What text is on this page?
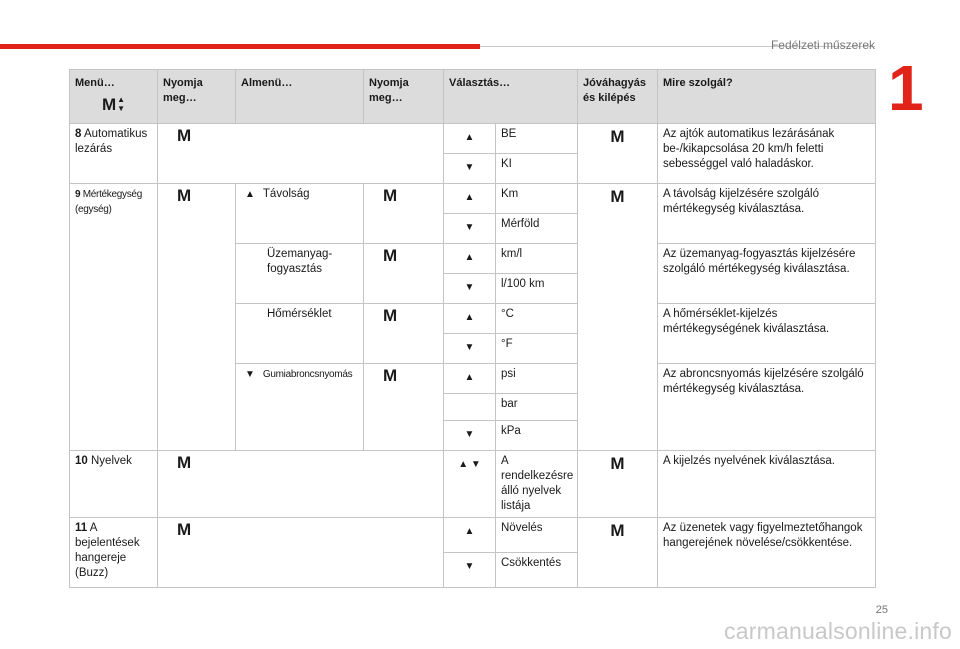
Fedélzeti műszerek
1
Menü…
M ▲
▼	Nyomja meg…	Almenü…	Nyomja meg…	Választás…		Jóváhagyás és kilépés	Mire szolgál?
8 Automatikus lezárás	M			▲	BE	M	Az ajtók automatikus lezárásának be-/kikapcsolása 20 km/h feletti sebességgel való haladáskor.
				▼	KI		
9 Mértékegység (egység)	M	▲ Távolság	M	▲	Km	M	A távolság kijelzésére szolgáló mértékegység kiválasztása.
				▼	Mérföld		

		Üzemanyag-fogyasztás	M	▲	km/l		Az üzemanyag-fogyasztás kijelzésére szolgáló mértékegység kiválasztása.
				▼	l/100 km		

		Hőmérséklet	M	▲	°C		A hőmérséklet-kijelzés mértékegységének kiválasztása.
				▼	°F		
		▼ Gumiabroncsnyomás	M	▲	psi		Az abroncsnyomás kijelzésére szolgáló mértékegység kiválasztása.
					bar		
				▼	kPa		
10 Nyelvek	M			▲ ▼	A rendelkezésre álló nyelvek listája	M	A kijelzés nyelvének kiválasztása.
11 A bejelentések hangereje (Buzz)	M			▲	Növelés	M	Az üzenetek vagy figyelmeztetőhangok hangerejének növelése/csökkentése.
				▼	Csökkentés		
25
carmanualsonline.info
